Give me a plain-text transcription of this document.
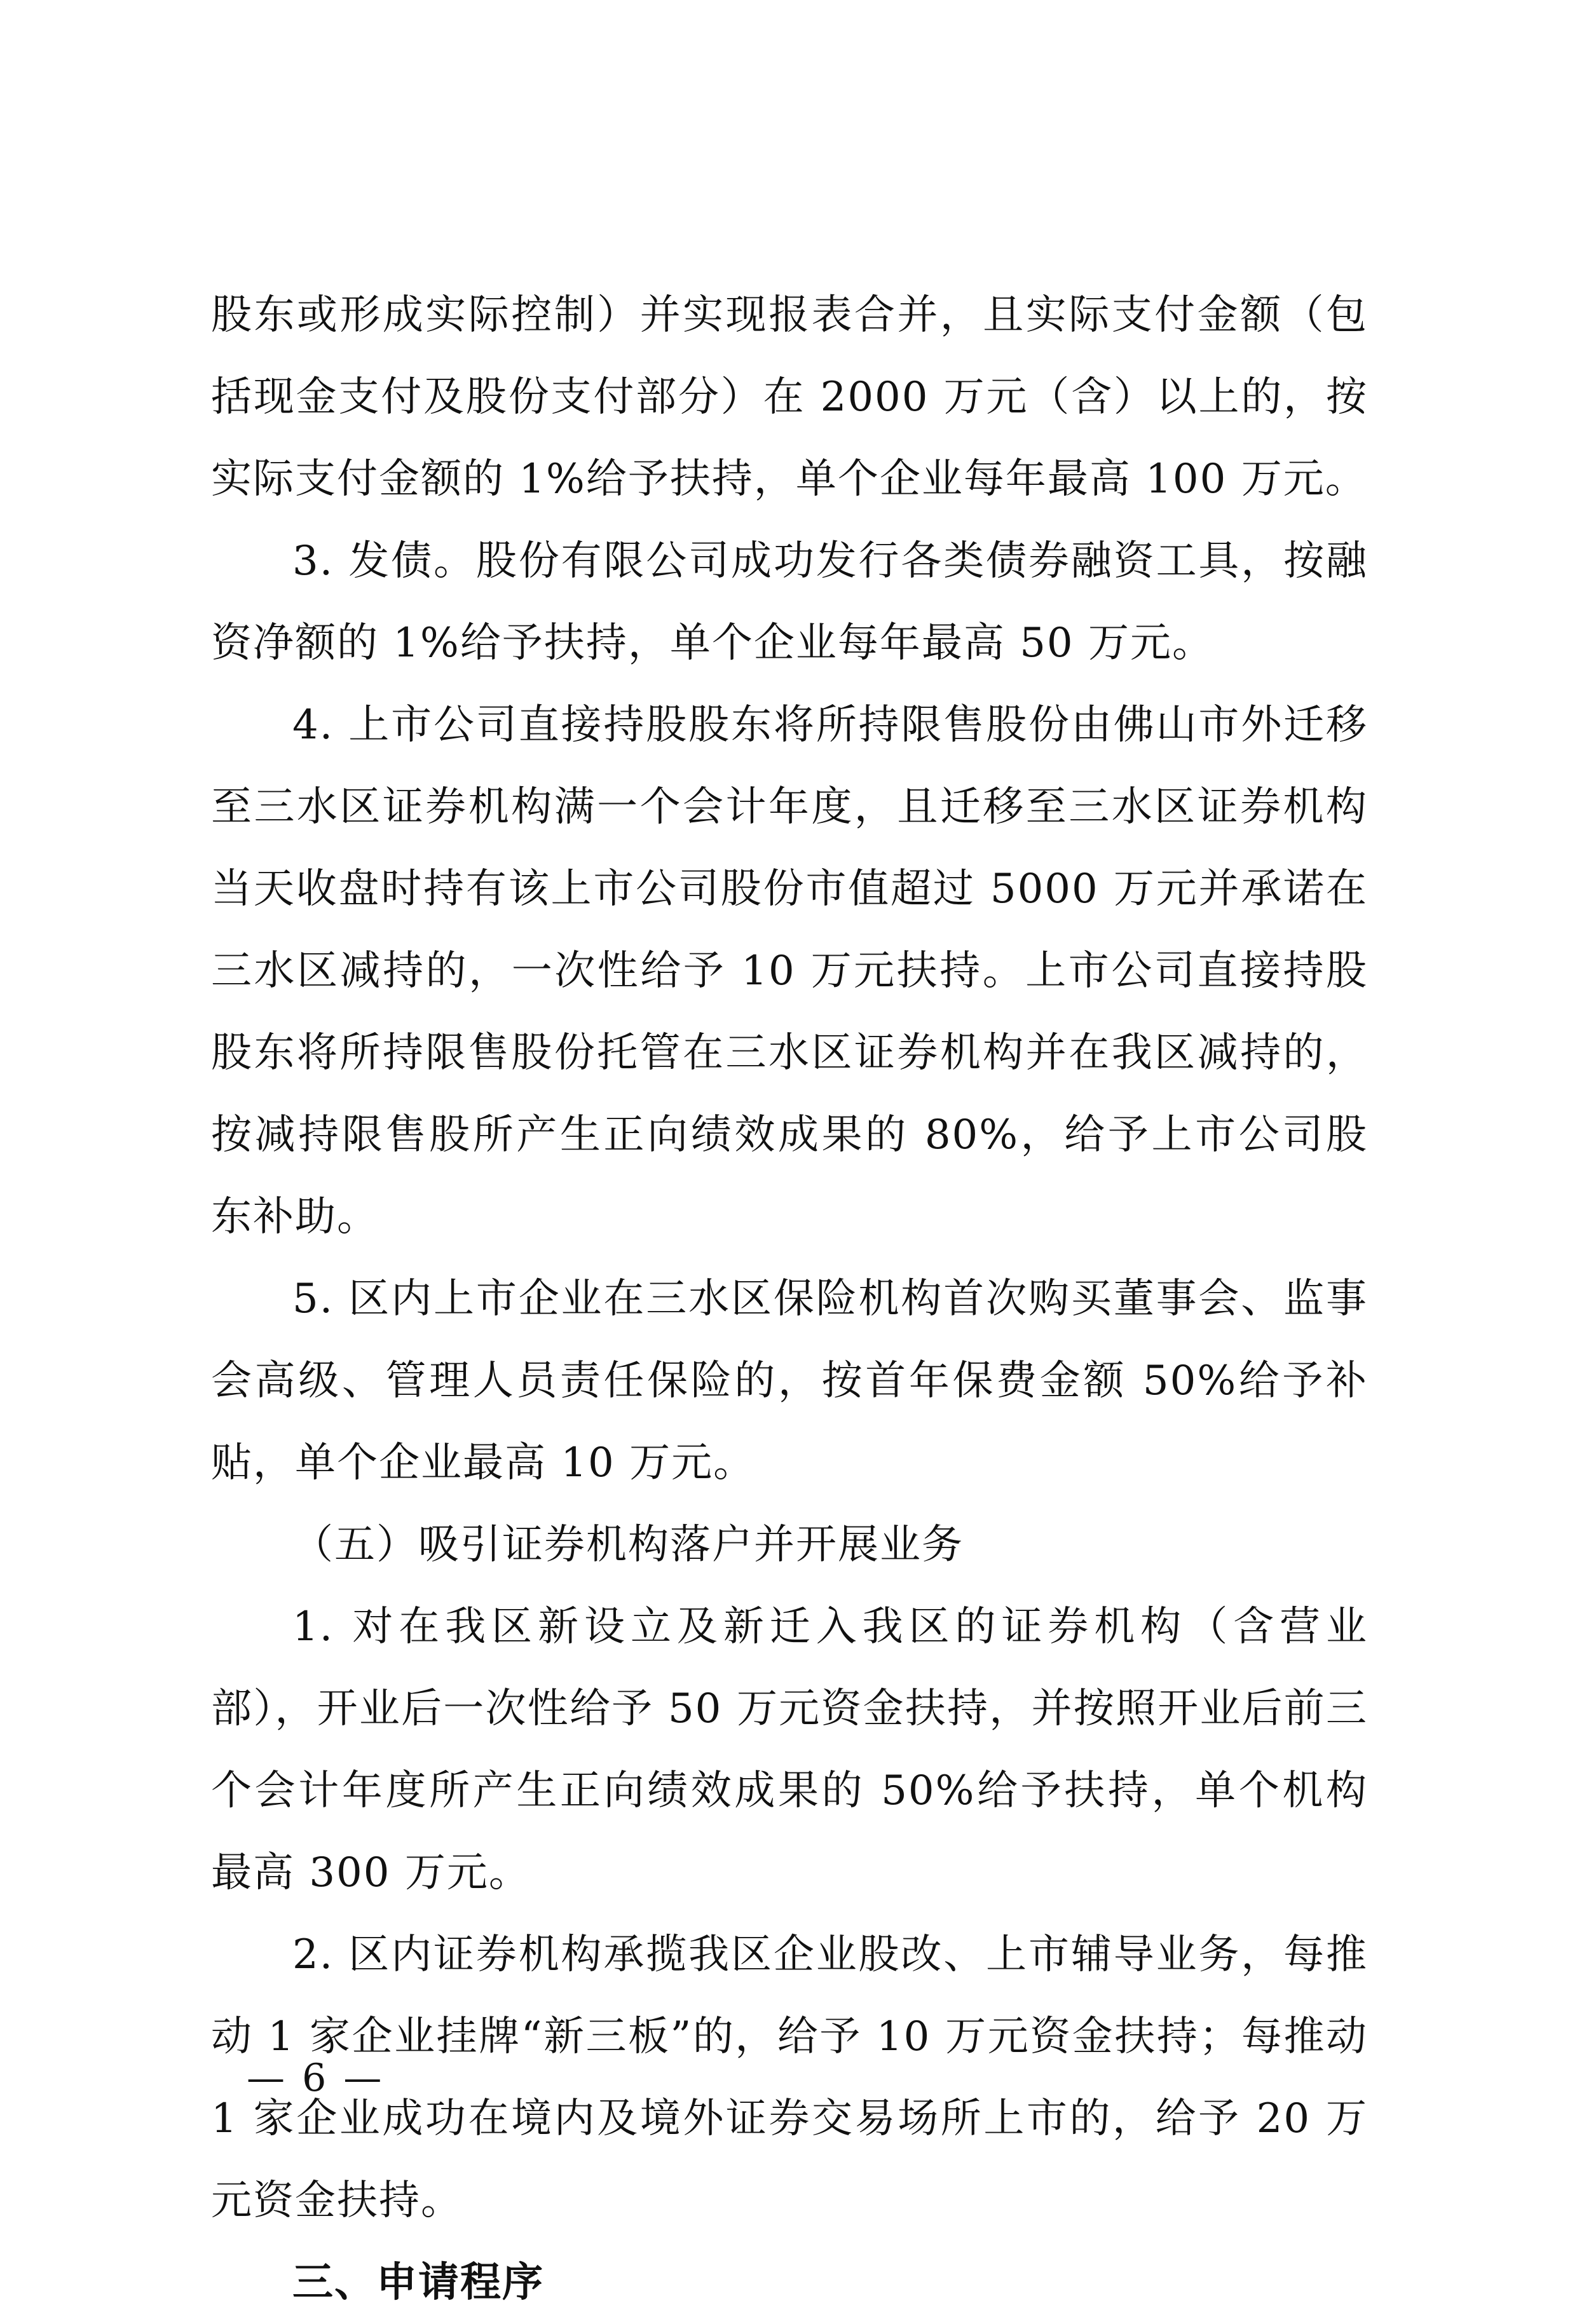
股东或形成实际控制）并实现报表合并，且实际支付金额（包括现金支付及股份支付部分）在 2000 万元（含）以上的，按实际支付金额的 1%给予扶持，单个企业每年最高 100 万元。

3. 发债。股份有限公司成功发行各类债券融资工具，按融资净额的 1%给予扶持，单个企业每年最高 50 万元。

4. 上市公司直接持股股东将所持限售股份由佛山市外迁移至三水区证券机构满一个会计年度，且迁移至三水区证券机构当天收盘时持有该上市公司股份市值超过 5000 万元并承诺在三水区减持的，一次性给予 10 万元扶持。上市公司直接持股股东将所持限售股份托管在三水区证券机构并在我区减持的，按减持限售股所产生正向绩效成果的 80%，给予上市公司股东补助。

5. 区内上市企业在三水区保险机构首次购买董事会、监事会高级、管理人员责任保险的，按首年保费金额 50%给予补贴，单个企业最高 10 万元。

（五）吸引证券机构落户并开展业务

1. 对在我区新设立及新迁入我区的证券机构（含营业部），开业后一次性给予 50 万元资金扶持，并按照开业后前三个会计年度所产生正向绩效成果的 50%给予扶持，单个机构最高 300 万元。

2. 区内证券机构承揽我区企业股改、上市辅导业务，每推动 1 家企业挂牌“新三板”的，给予 10 万元资金扶持；每推动 1 家企业成功在境内及境外证券交易场所上市的，给予 20 万元资金扶持。

三、申请程序

— 6 —
